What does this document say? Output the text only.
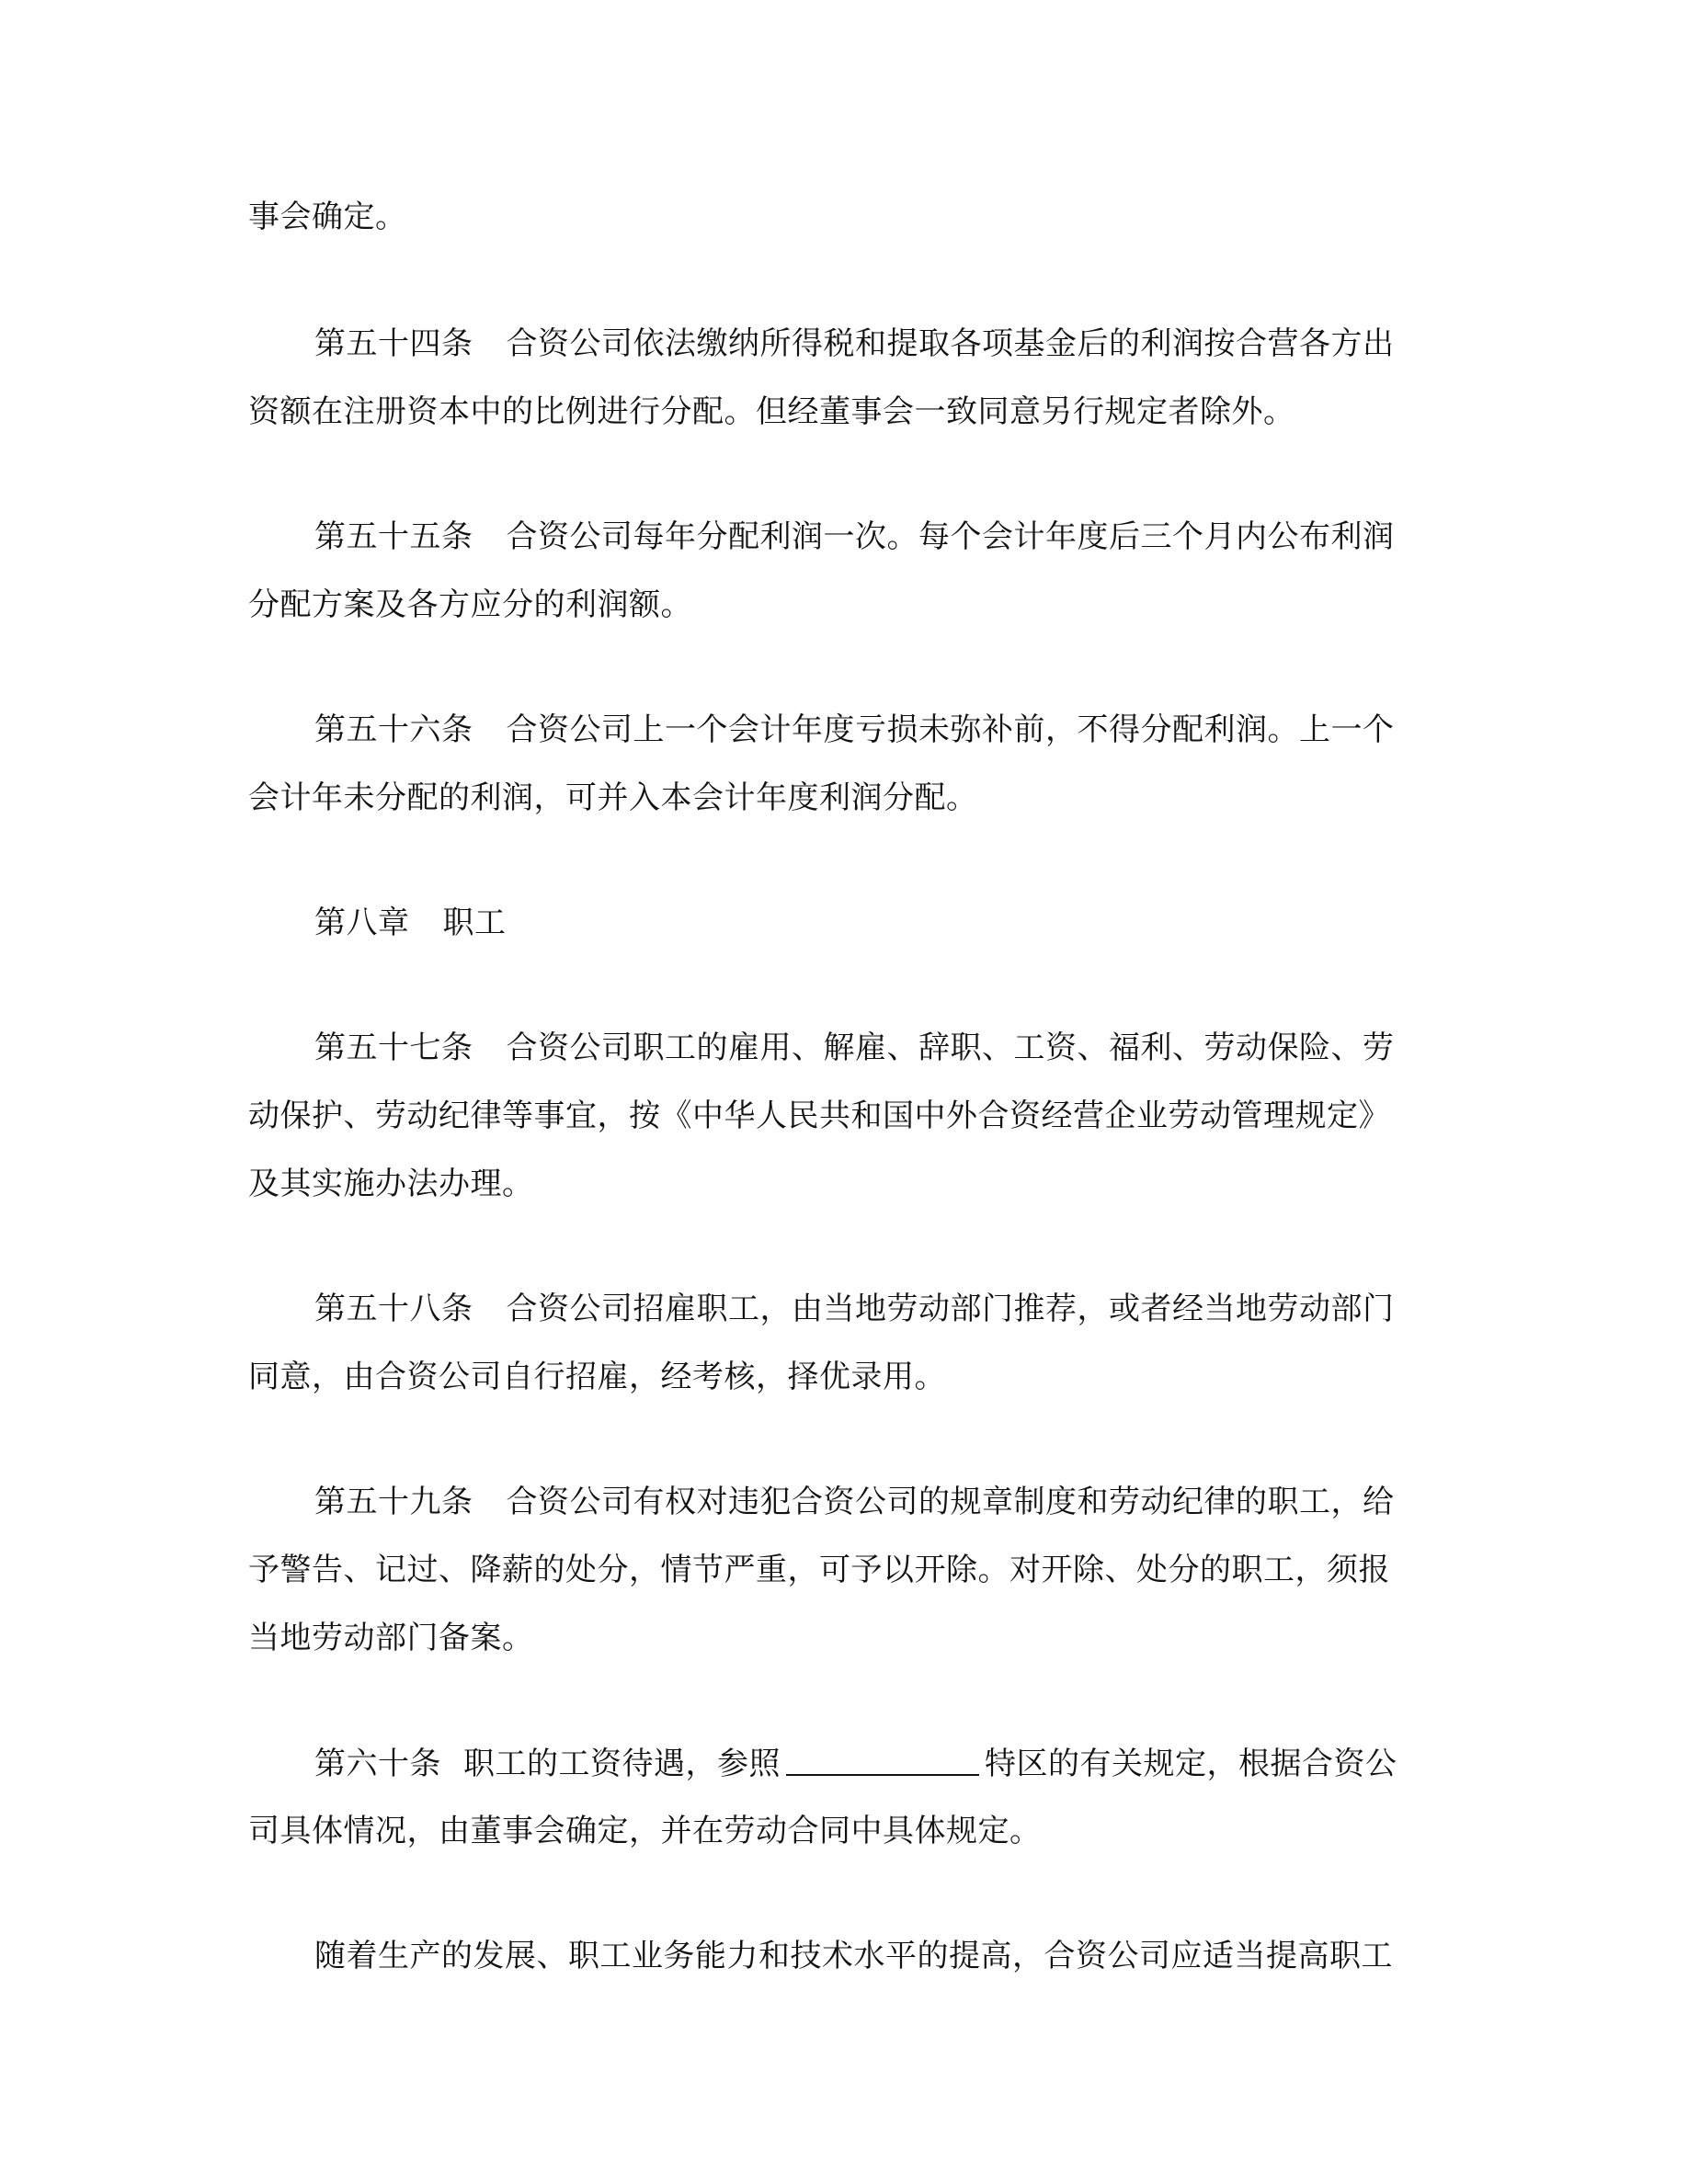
事会确定。
第五十四条 合资公司依法缴纳所得税和提取各项基金后的利润按合营各方出
资额在注册资本中的比例进行分配。但经董事会一致同意另行规定者除外。
第五十五条 合资公司每年分配利润一次。每个会计年度后三个月内公布利润
分配方案及各方应分的利润额。
第五十六条 合资公司上一个会计年度亏损未弥补前，不得分配利润。上一个
会计年未分配的利润，可并入本会计年度利润分配。
第八章 职工
第五十七条 合资公司职工的雇用、解雇、辞职、工资、福利、劳动保险、劳
动保护、劳动纪律等事宜，按《中华人民共和国中外合资经营企业劳动管理规定》
及其实施办法办理。
第五十八条 合资公司招雇职工，由当地劳动部门推荐，或者经当地劳动部门
同意，由合资公司自行招雇，经考核，择优录用。
第五十九条 合资公司有权对违犯合资公司的规章制度和劳动纪律的职工，给
予警告、记过、降薪的处分，情节严重，可予以开除。对开除、处分的职工，须报
当地劳动部门备案。
第六十条 职工的工资待遇，参照	特区的有关规定，根据合资公
司具体情况，由董事会确定，并在劳动合同中具体规定。
随着生产的发展、职工业务能力和技术水平的提高，合资公司应适当提高职工
